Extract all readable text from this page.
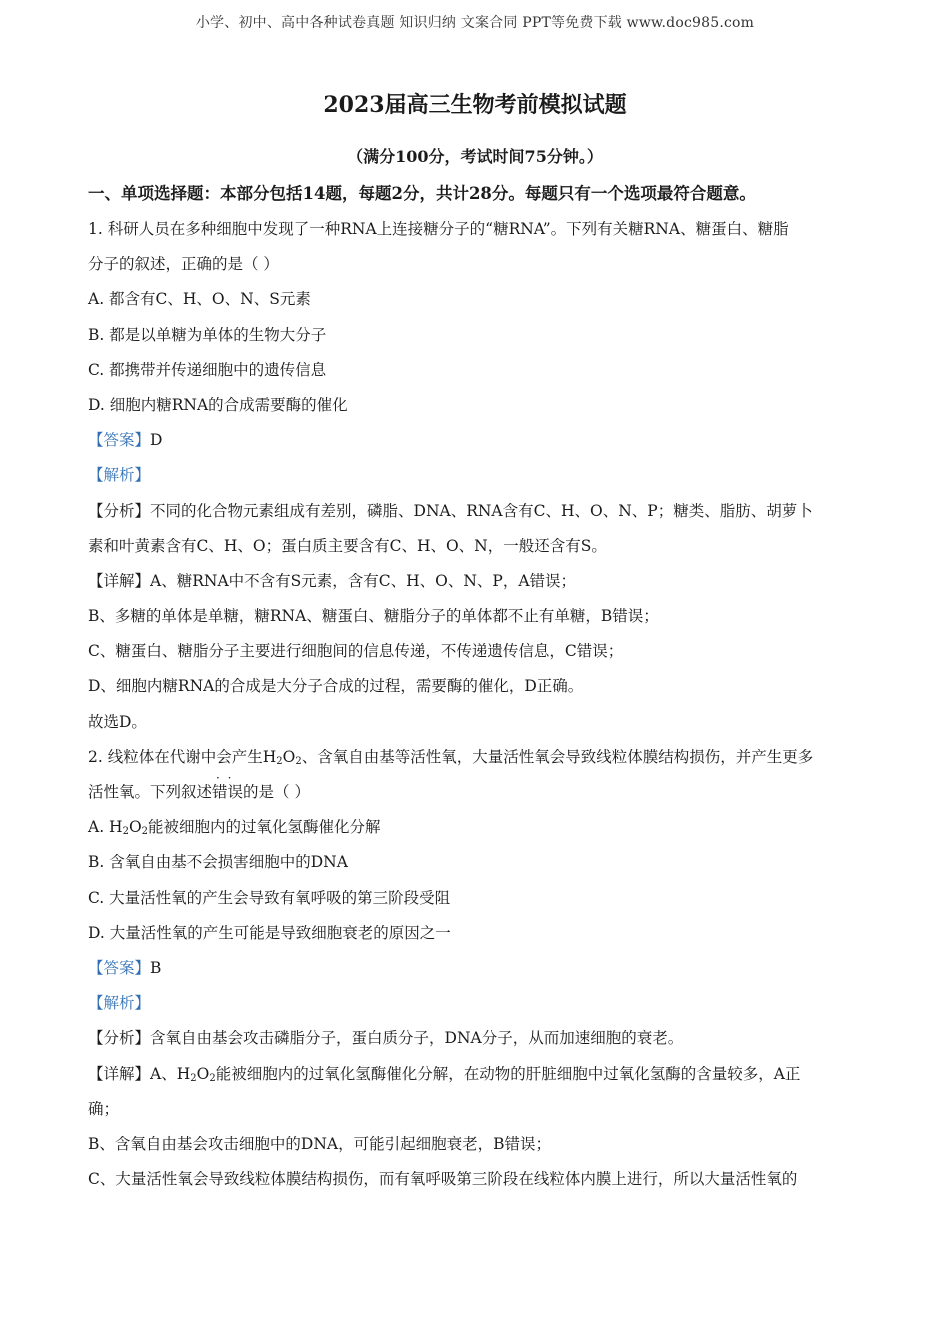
小学、初中、高中各种试卷真题 知识归纳 文案合同 PPT等免费下载 www.doc985.com
2023届高三生物考前模拟试题
（满分100分，考试时间75分钟。）
一、单项选择题：本部分包括14题，每题2分，共计28分。每题只有一个选项最符合题意。
1. 科研人员在多种细胞中发现了一种RNA上连接糖分子的“糖RNA”。下列有关糖RNA、糖蛋白、糖脂
分子的叙述，正确的是（ ）
A. 都含有C、H、O、N、S元素
B. 都是以单糖为单体的生物大分子
C. 都携带并传递细胞中的遗传信息
D. 细胞内糖RNA的合成需要酶的催化
【答案】D
【解析】
【分析】不同的化合物元素组成有差别，磷脂、DNA、RNA含有C、H、O、N、P；糖类、脂肪、胡萝卜
素和叶黄素含有C、H、O；蛋白质主要含有C、H、O、N，一般还含有S。
【详解】A、糖RNA中不含有S元素，含有C、H、O、N、P，A错误；
B、多糖的单体是单糖，糖RNA、糖蛋白、糖脂分子的单体都不止有单糖，B错误；
C、糖蛋白、糖脂分子主要进行细胞间的信息传递，不传递遗传信息，C错误；
D、细胞内糖RNA的合成是大分子合成的过程，需要酶的催化，D正确。
故选D。
2. 线粒体在代谢中会产生$H_2O_2$、含氧自由基等活性氧，大量活性氧会导致线粒体膜结构损伤，并产生更多
活性氧。下列叙述错误 · ·的是（ ）
A. $H_2O_2$能被细胞内的过氧化氢酶催化分解
B. 含氧自由基不会损害细胞中的DNA
C. 大量活性氧的产生会导致有氧呼吸的第三阶段受阻
D. 大量活性氧的产生可能是导致细胞衰老的原因之一
【答案】B
【解析】
【分析】含氧自由基会攻击磷脂分子，蛋白质分子，DNA分子，从而加速细胞的衰老。
【详解】A、$H_2O_2$能被细胞内的过氧化氢酶催化分解，在动物的肝脏细胞中过氧化氢酶的含量较多，A正
确；
B、含氧自由基会攻击细胞中的DNA，可能引起细胞衰老，B错误；
C、大量活性氧会导致线粒体膜结构损伤，而有氧呼吸第三阶段在线粒体内膜上进行，所以大量活性氧的
